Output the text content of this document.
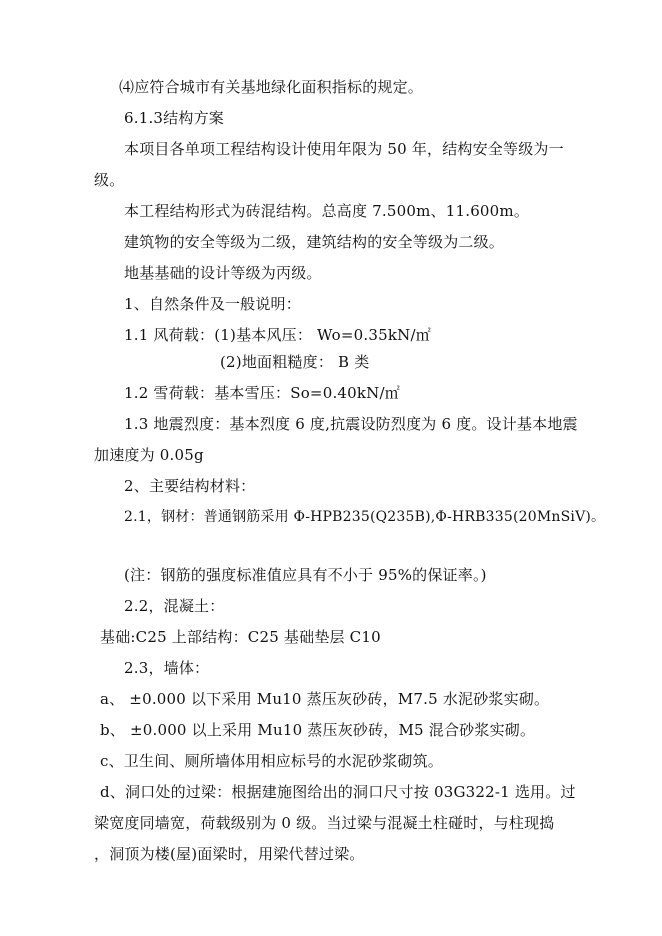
⑷应符合城市有关基地绿化面积指标的规定。
6.1.3结构方案
本项目各单项工程结构设计使用年限为 50 年，结构安全等级为一
级。
本工程结构形式为砖混结构。总高度 7.500m、11.600m。
建筑物的安全等级为二级，建筑结构的安全等级为二级。
地基基础的设计等级为丙级。
1、自然条件及一般说明：
1.1 风荷载：(1)基本风压： Wo=0.35kN/㎡
(2)地面粗糙度： B 类
1.2 雪荷载：基本雪压：So=0.40kN/㎡
1.3 地震烈度：基本烈度 6 度,抗震设防烈度为 6 度。设计基本地震
加速度为 0.05g
2、主要结构材料：
2.1，钢材：普通钢筋采用 Φ-HPB235(Q235B),Φ-HRB335(20MnSiV)。
(注：钢筋的强度标准值应具有不小于 95%的保证率。)
2.2，混凝土：
基础:C25 上部结构：C25 基础垫层 C10
2.3，墙体：
a、 ±0.000 以下采用 Mu10 蒸压灰砂砖，M7.5 水泥砂浆实砌。
b、 ±0.000 以上采用 Mu10 蒸压灰砂砖，M5 混合砂浆实砌。
c、卫生间、厕所墙体用相应标号的水泥砂浆砌筑。
d、洞口处的过梁：根据建施图给出的洞口尺寸按 03G322-1 选用。过
梁宽度同墙宽，荷载级别为 0 级。当过梁与混凝土柱碰时，与柱现捣
，洞顶为楼(屋)面梁时，用梁代替过梁。
